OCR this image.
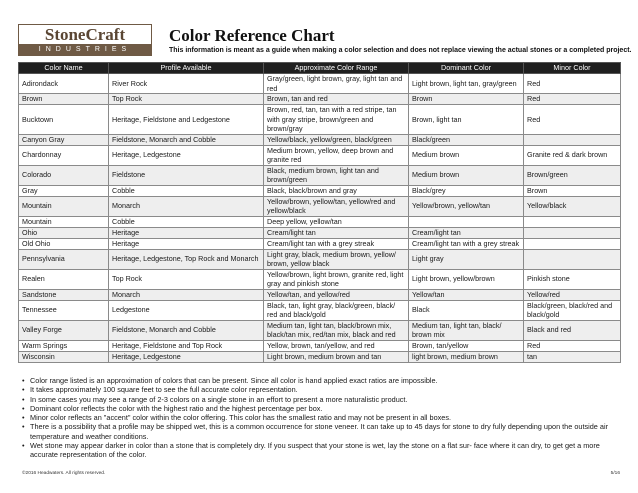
StoneCraft
INDUSTRIES
Color Reference Chart
This information is meant as a guide when making a color selection and does not replace viewing the actual stones or a completed project.
Color Name	Profile Available	Approximate Color Range	Dominant Color	Minor Color
Adirondack	River Rock	Gray/green, light brown, gray, light tan and red	Light brown, light tan, gray/green	Red
Brown	Top Rock	Brown, tan and red	Brown	Red
Bucktown	Heritage, Fieldstone and Ledgestone	Brown, red, tan, tan with a red stripe, tan with gray stripe, brown/green and brown/gray	Brown, light tan	Red
Canyon Gray	Fieldstone, Monarch and Cobble	Yellow/black, yellow/green, black/green	Black/green	
Chardonnay	Heritage, Ledgestone	Medium brown, yellow, deep brown and granite red	Medium brown	Granite red & dark brown
Colorado	Fieldstone	Black, medium brown, light tan and brown/green	Medium brown	Brown/green
Gray	Cobble	Black, black/brown and gray	Black/grey	Brown
Mountain	Monarch	Yellow/brown, yellow/tan, yellow/red and yellow/black	Yellow/brown, yellow/tan	Yellow/black
Mountain	Cobble	Deep yellow, yellow/tan		
Ohio	Heritage	Cream/light tan	Cream/light tan	
Old Ohio	Heritage	Cream/light tan with a grey streak	Cream/light tan with a grey streak	
Pennsylvania	Heritage, Ledgestone, Top Rock and Monarch	Light gray, black, medium brown, yellow/ brown, yellow black	Light gray	
Realen	Top Rock	Yellow/brown, light brown, granite red, light gray and pinkish stone	Light brown, yellow/brown	Pinkish stone
Sandstone	Monarch	Yellow/tan, and yellow/red	Yellow/tan	Yellow/red
Tennessee	Ledgestone	Black, tan, light gray, black/green, black/ red and black/gold	Black	Black/green, black/red and black/gold
Valley Forge	Fieldstone, Monarch and Cobble	Medium tan, light tan, black/brown mix, black/tan mix, red/tan mix, black and red	Medium tan, light tan, black/ brown mix	Black and red
Warm Springs	Heritage, Fieldstone and Top Rock	Yellow, brown, tan/yellow, and red	Brown, tan/yellow	Red
Wisconsin	Heritage, Ledgestone	Light brown, medium brown and tan	light brown, medium brown	tan
• Color range listed is an approximation of colors that can be present. Since all color is hand applied exact ratios are impossible.
• It takes approximately 100 square feet to see the full accurate color representation.
• In some cases you may see a range of 2-3 colors on a single stone in an effort to present a more naturalistic product.
• Dominant color reflects the color with the highest ratio and the highest percentage per box.
• Minor color reflects an "accent" color within the color offering. This color has the smallest ratio and may not be present in all boxes.
• There is a possibility that a profile may be shipped wet, this is a common occurrence for stone veneer. It can take up to 45 days for stone to dry fully depending upon the outside air temperature and weather conditions.
• Wet stone may appear darker in color than a stone that is completely dry. If you suspect that your stone is wet, lay the stone on a flat sur- face where it can dry, to get get a more accurate representation of the color.
©2016 Headwaters. All rights reserved.	5/16
